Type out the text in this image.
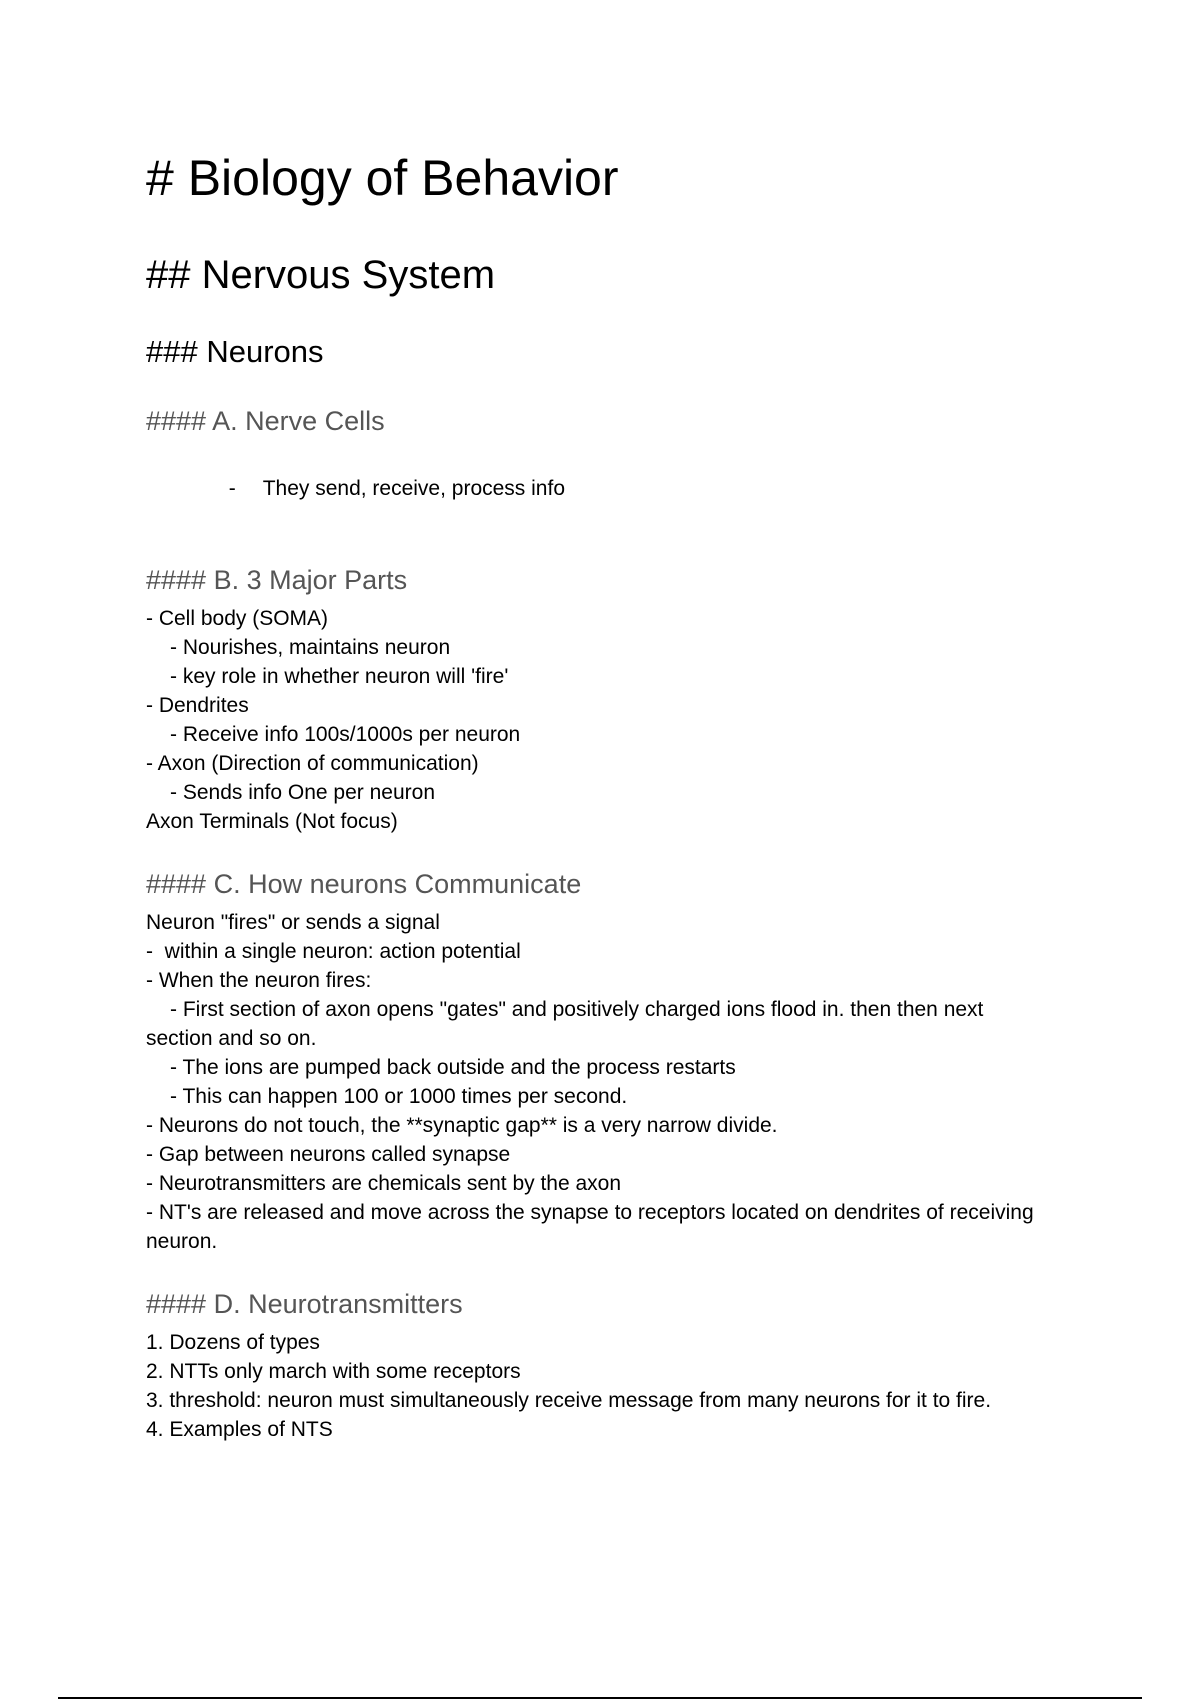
# Biology of Behavior
## Nervous System
### Neurons
#### A. Nerve Cells

- They send, receive, process info

#### B. 3 Major Parts
- Cell body (SOMA)
- Nourishes, maintains neuron
- key role in whether neuron will 'fire'
- Dendrites
- Receive info 100s/1000s per neuron
- Axon (Direction of communication)
- Sends info One per neuron
Axon Terminals (Not focus)
#### C. How neurons Communicate
Neuron "fires" or sends a signal
-  within a single neuron: action potential
- When the neuron fires:
- First section of axon opens "gates" and positively charged ions flood in. then then next
section and so on.
- The ions are pumped back outside and the process restarts
- This can happen 100 or 1000 times per second.
- Neurons do not touch, the **synaptic gap** is a very narrow divide.
- Gap between neurons called synapse
- Neurotransmitters are chemicals sent by the axon
- NT's are released and move across the synapse to receptors located on dendrites of receiving
neuron.
#### D. Neurotransmitters
1. Dozens of types
2. NTTs only march with some receptors
3. threshold: neuron must simultaneously receive message from many neurons for it to fire.
4. Examples of NTS
